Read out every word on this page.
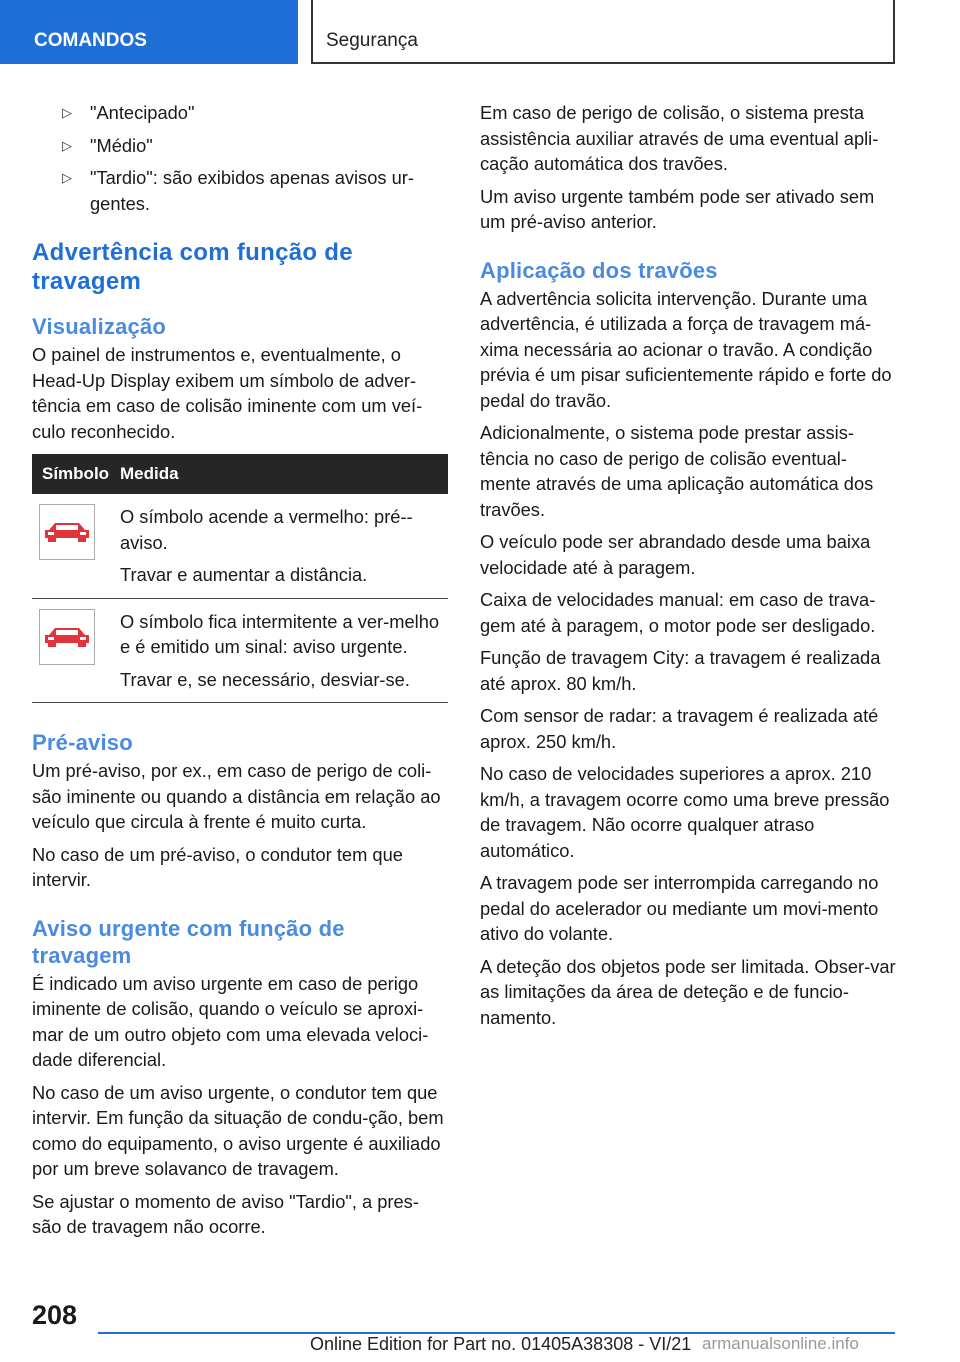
COMANDOS	Segurança
▷ "Antecipado"
▷ "Médio"
▷ "Tardio": são exibidos apenas avisos ur-gentes.
Advertência com função de travagem
Visualização

O painel de instrumentos e, eventualmente, o Head-Up Display exibem um símbolo de adver-tência em caso de colisão iminente com um veí-culo reconhecido.

Símbolo	Medida

O símbolo acende a vermelho: pré--aviso.

Travar e aumentar a distância.

O símbolo fica intermitente a ver-melho e é emitido um sinal: aviso urgente.

Travar e, se necessário, desviar-se.

Pré-aviso

Um pré-aviso, por ex., em caso de perigo de coli-são iminente ou quando a distância em relação ao veículo que circula à frente é muito curta.

No caso de um pré-aviso, o condutor tem que intervir.

Aviso urgente com função de travagem

É indicado um aviso urgente em caso de perigo iminente de colisão, quando o veículo se aproxi-mar de um outro objeto com uma elevada veloci-dade diferencial.

No caso de um aviso urgente, o condutor tem que intervir. Em função da situação de condu-ção, bem como do equipamento, o aviso urgente é auxiliado por um breve solavanco de travagem.

Se ajustar o momento de aviso "Tardio", a pres-são de travagem não ocorre.

Em caso de perigo de colisão, o sistema presta assistência auxiliar através de uma eventual apli-cação automática dos travões.

Um aviso urgente também pode ser ativado sem um pré-aviso anterior.

Aplicação dos travões

A advertência solicita intervenção. Durante uma advertência, é utilizada a força de travagem má-xima necessária ao acionar o travão. A condição prévia é um pisar suficientemente rápido e forte do pedal do travão.

Adicionalmente, o sistema pode prestar assis-tência no caso de perigo de colisão eventual-mente através de uma aplicação automática dos travões.

O veículo pode ser abrandado desde uma baixa velocidade até à paragem.

Caixa de velocidades manual: em caso de trava-gem até à paragem, o motor pode ser desligado.

Função de travagem City: a travagem é realizada até aprox. 80 km/h.

Com sensor de radar: a travagem é realizada até aprox. 250 km/h.

No caso de velocidades superiores a aprox. 210 km/h, a travagem ocorre como uma breve pressão de travagem. Não ocorre qualquer atraso automático.

A travagem pode ser interrompida carregando no pedal do acelerador ou mediante um movi-mento ativo do volante.

A deteção dos objetos pode ser limitada. Obser-var as limitações da área de deteção e de funcio-namento.

208
Online Edition for Part no. 01405A38308 - VI/21 armanualsonline.info
